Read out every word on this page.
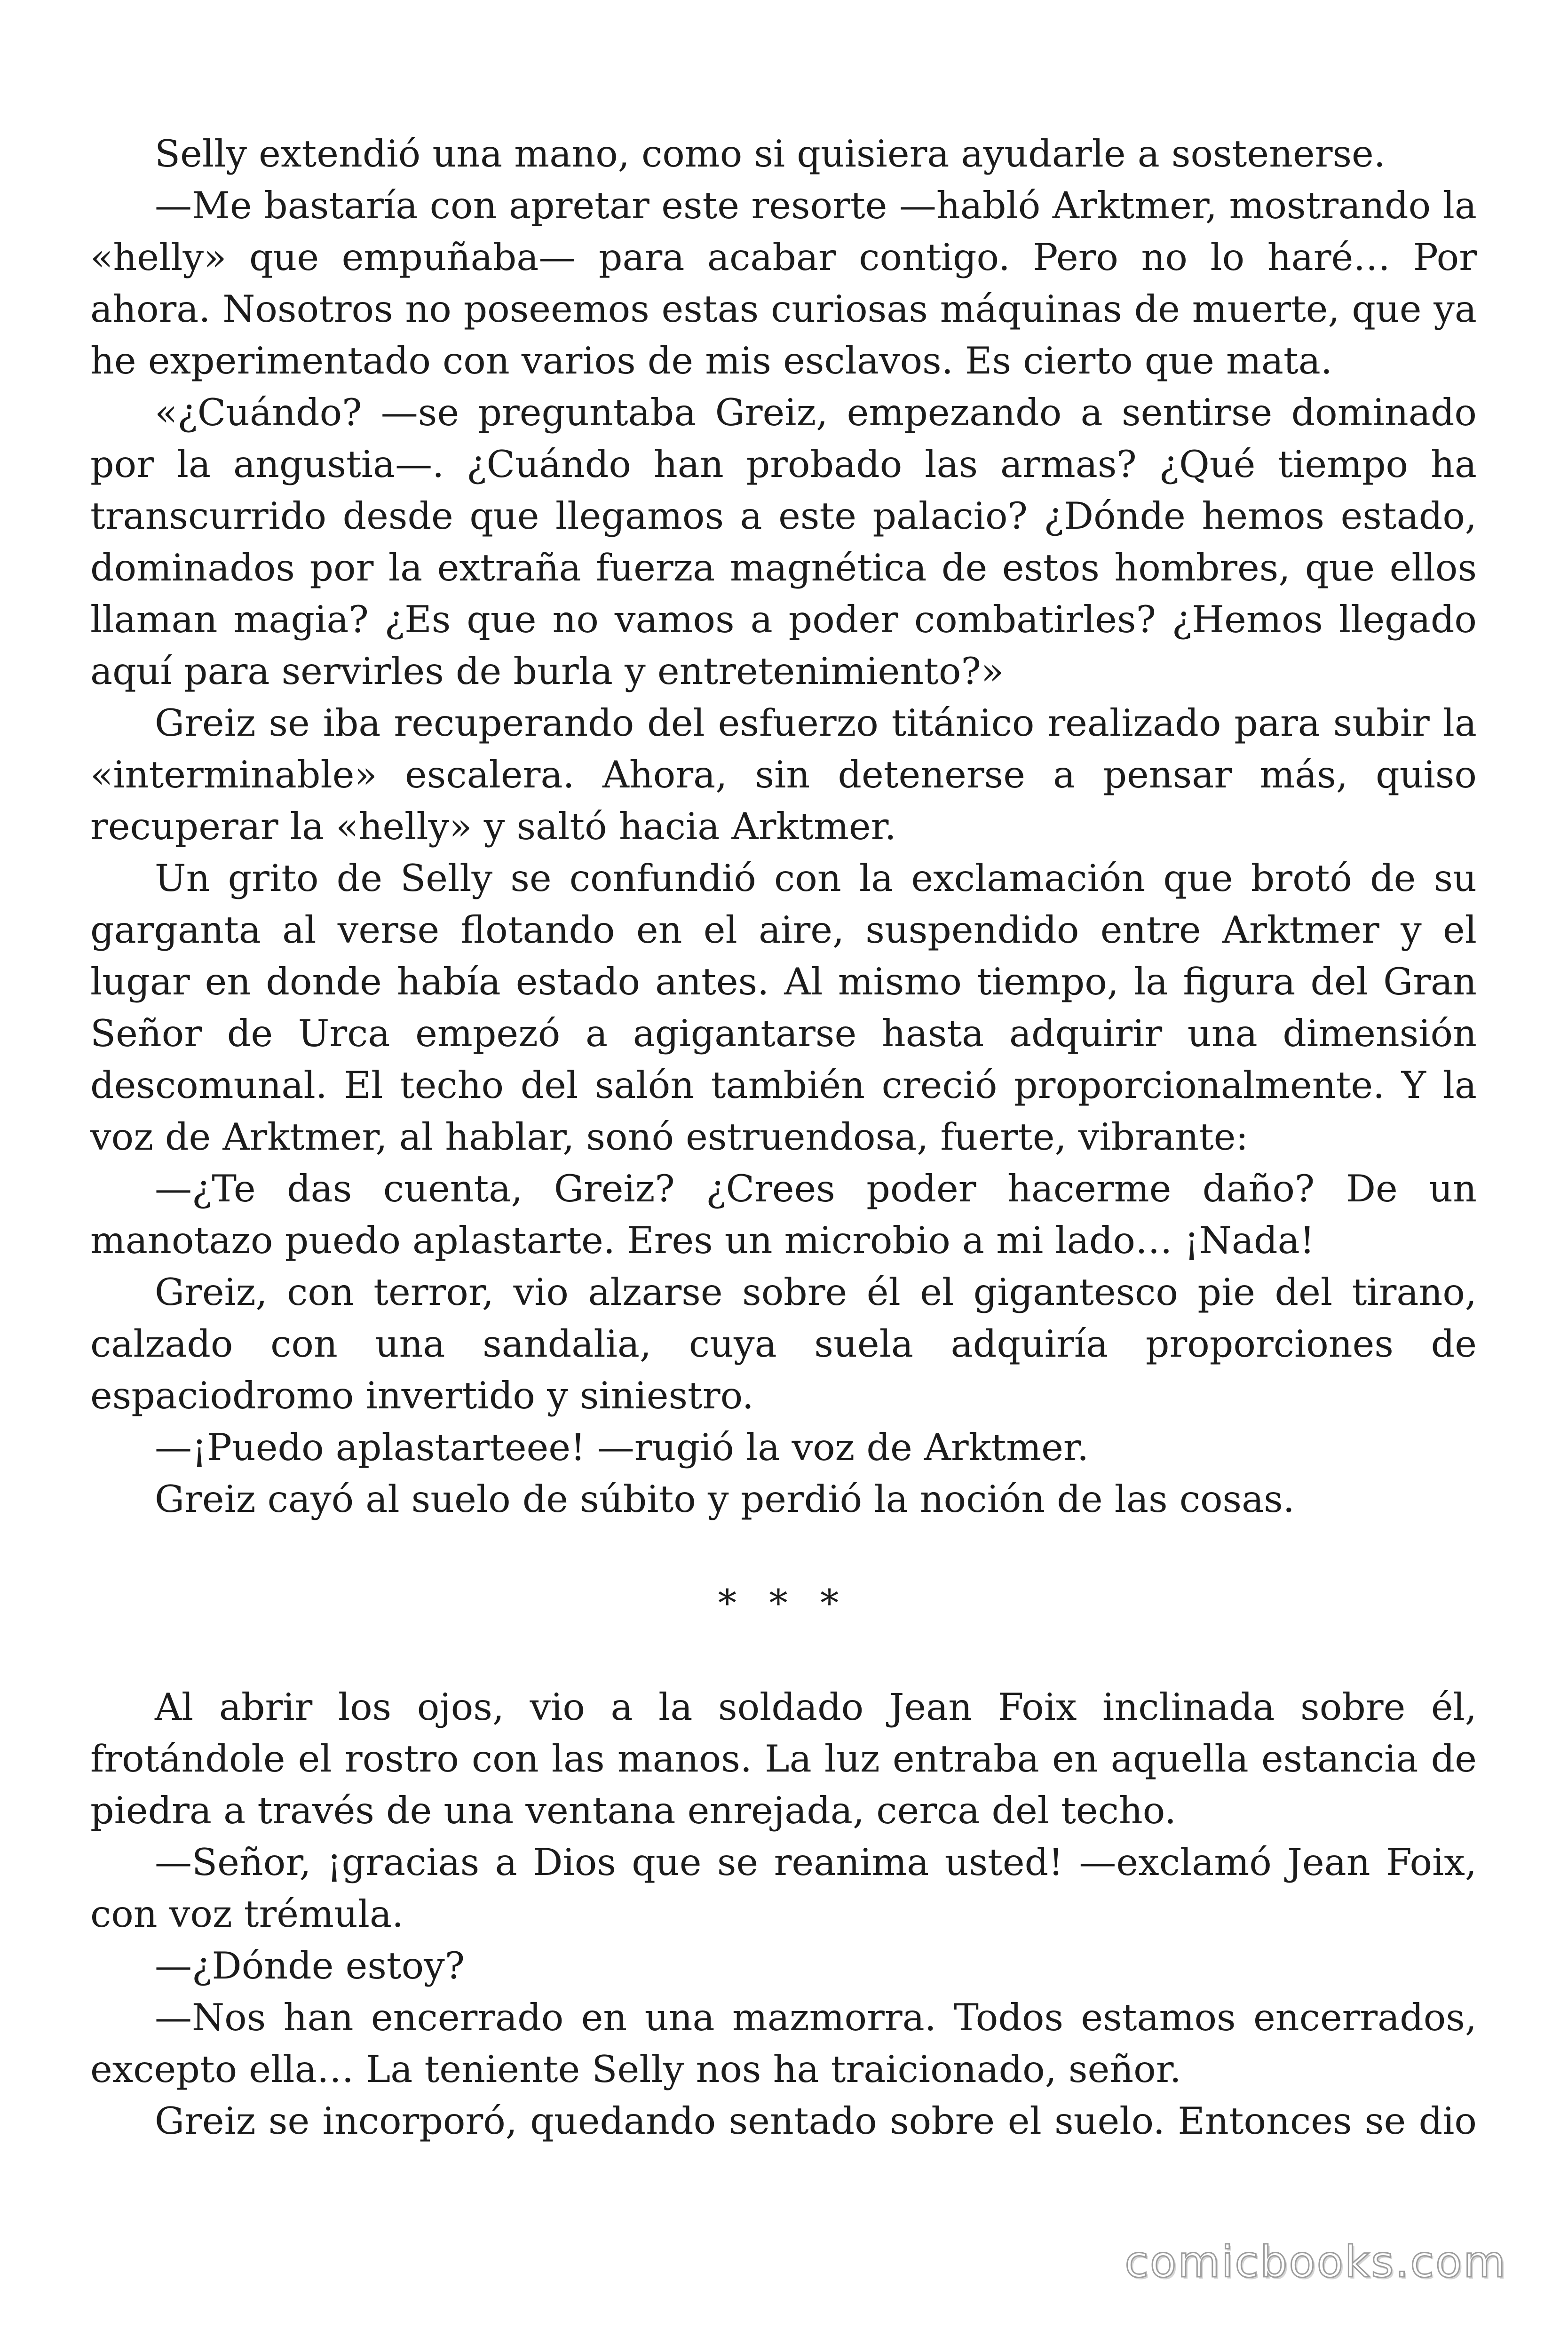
Selly extendió una mano, como si quisiera ayudarle a sostenerse.

—Me bastaría con apretar este resorte —habló Arktmer, mostrando la «helly» que empuñaba— para acabar contigo. Pero no lo haré… Por ahora. Nosotros no poseemos estas curiosas máquinas de muerte, que ya he experimentado con varios de mis esclavos. Es cierto que mata.

«¿Cuándo? —se preguntaba Greiz, empezando a sentirse dominado por la angustia—. ¿Cuándo han probado las armas? ¿Qué tiempo ha transcurrido desde que llegamos a este palacio? ¿Dónde hemos estado, dominados por la extraña fuerza magnética de estos hombres, que ellos llaman magia? ¿Es que no vamos a poder combatirles? ¿Hemos llegado aquí para servirles de burla y entretenimiento?»

Greiz se iba recuperando del esfuerzo titánico realizado para subir la «interminable» escalera. Ahora, sin detenerse a pensar más, quiso recuperar la «helly» y saltó hacia Arktmer.

Un grito de Selly se confundió con la exclamación que brotó de su garganta al verse flotando en el aire, suspendido entre Arktmer y el lugar en donde había estado antes. Al mismo tiempo, la figura del Gran Señor de Urca empezó a agigantarse hasta adquirir una dimensión descomunal. El techo del salón también creció proporcionalmente. Y la voz de Arktmer, al hablar, sonó estruendosa, fuerte, vibrante:

—¿Te das cuenta, Greiz? ¿Crees poder hacerme daño? De un manotazo puedo aplastarte. Eres un microbio a mi lado… ¡Nada!

Greiz, con terror, vio alzarse sobre él el gigantesco pie del tirano, calzado con una sandalia, cuya suela adquiría proporciones de espaciodromo invertido y siniestro.

—¡Puedo aplastarteee! —rugió la voz de Arktmer.

Greiz cayó al suelo de súbito y perdió la noción de las cosas.

* * *

Al abrir los ojos, vio a la soldado Jean Foix inclinada sobre él, frotándole el rostro con las manos. La luz entraba en aquella estancia de piedra a través de una ventana enrejada, cerca del techo.

—Señor, ¡gracias a Dios que se reanima usted! —exclamó Jean Foix, con voz trémula.

—¿Dónde estoy?

—Nos han encerrado en una mazmorra. Todos estamos encerrados, excepto ella… La teniente Selly nos ha traicionado, señor.

Greiz se incorporó, quedando sentado sobre el suelo. Entonces se dio

comicbooks.com
